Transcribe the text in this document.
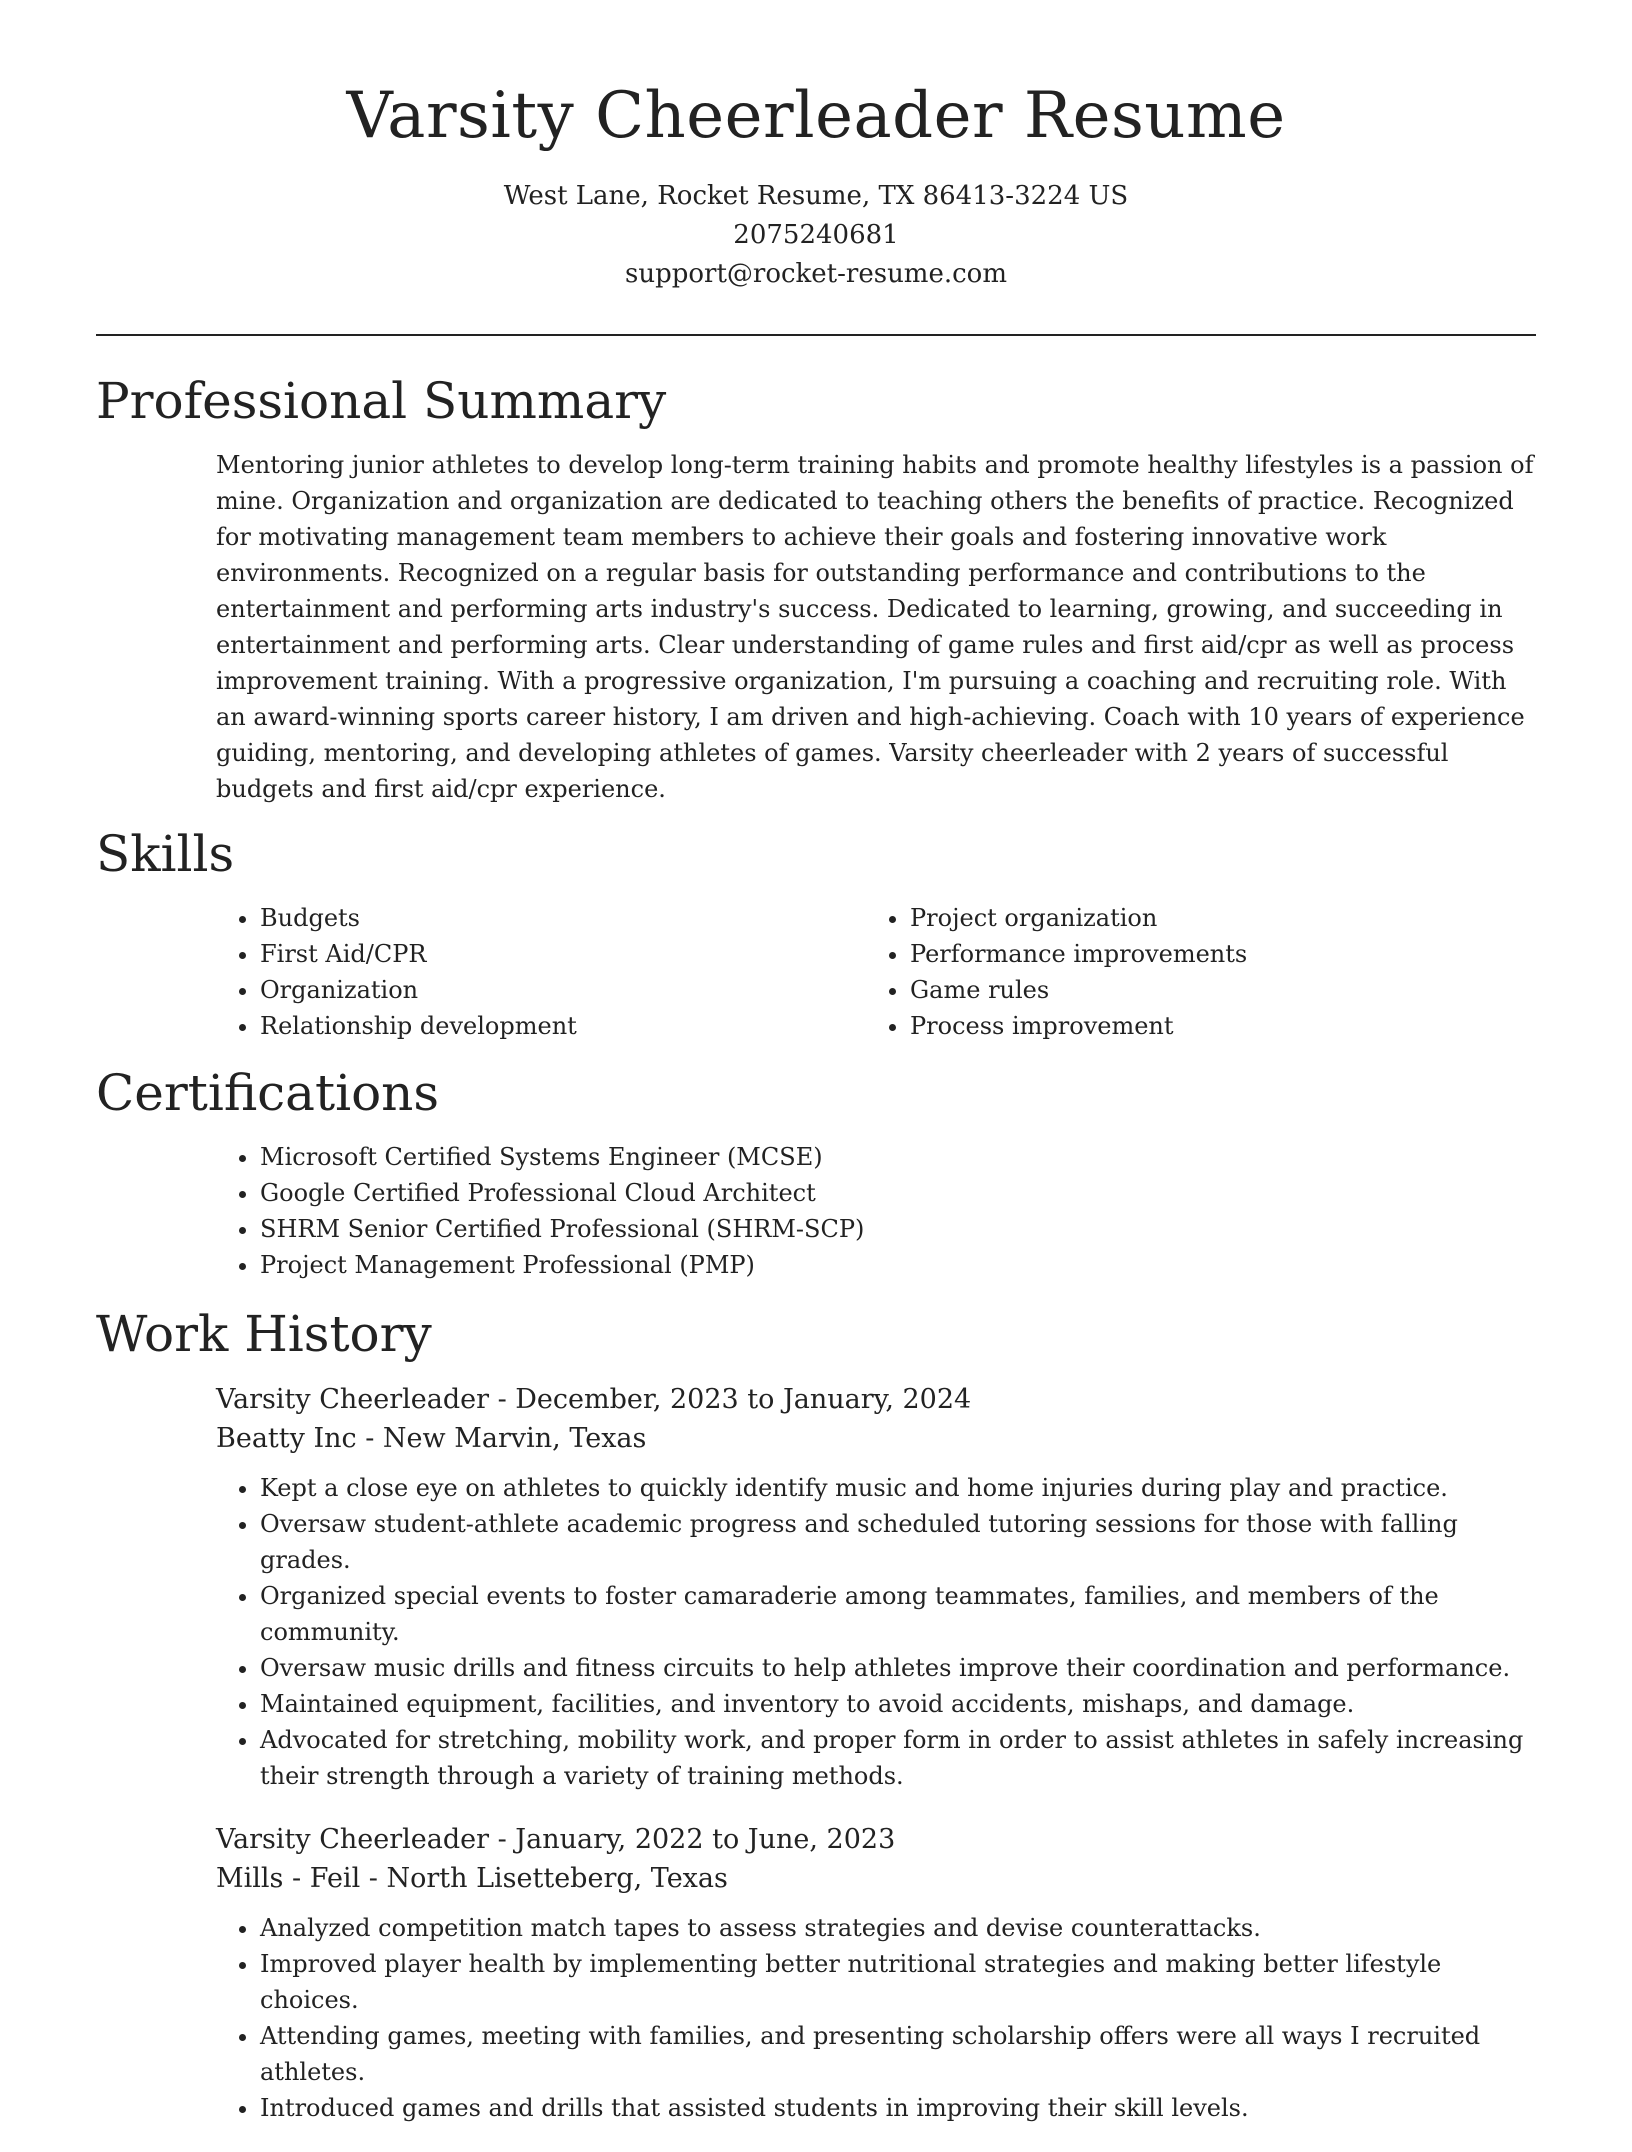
Varsity Cheerleader Resume
West Lane, Rocket Resume, TX 86413-3224 US
2075240681
support@rocket-resume.com
Professional Summary

Mentoring junior athletes to develop long-term training habits and promote healthy lifestyles is a passion of mine. Organization and organization are dedicated to teaching others the benefits of practice. Recognized for motivating management team members to achieve their goals and fostering innovative work environments. Recognized on a regular basis for outstanding performance and contributions to the entertainment and performing arts industry's success. Dedicated to learning, growing, and succeeding in entertainment and performing arts. Clear understanding of game rules and first aid/cpr as well as process improvement training. With a progressive organization, I'm pursuing a coaching and recruiting role. With an award-winning sports career history, I am driven and high-achieving. Coach with 10 years of experience guiding, mentoring, and developing athletes of games. Varsity cheerleader with 2 years of successful budgets and first aid/cpr experience.

Skills
• Budgets
• First Aid/CPR
• Organization
• Relationship development
• Project organization
• Performance improvements
• Game rules
• Process improvement
Certifications
• Microsoft Certified Systems Engineer (MCSE)
• Google Certified Professional Cloud Architect
• SHRM Senior Certified Professional (SHRM-SCP)
• Project Management Professional (PMP)
Work History
Varsity Cheerleader - December, 2023 to January, 2024
Beatty Inc - New Marvin, Texas
• Kept a close eye on athletes to quickly identify music and home injuries during play and practice.
• Oversaw student-athlete academic progress and scheduled tutoring sessions for those with falling grades.
• Organized special events to foster camaraderie among teammates, families, and members of the community.
• Oversaw music drills and fitness circuits to help athletes improve their coordination and performance.
• Maintained equipment, facilities, and inventory to avoid accidents, mishaps, and damage.
• Advocated for stretching, mobility work, and proper form in order to assist athletes in safely increasing their strength through a variety of training methods.
Varsity Cheerleader - January, 2022 to June, 2023
Mills - Feil - North Lisetteberg, Texas
• Analyzed competition match tapes to assess strategies and devise counterattacks.
• Improved player health by implementing better nutritional strategies and making better lifestyle choices.
• Attending games, meeting with families, and presenting scholarship offers were all ways I recruited athletes.
• Introduced games and drills that assisted students in improving their skill levels.
